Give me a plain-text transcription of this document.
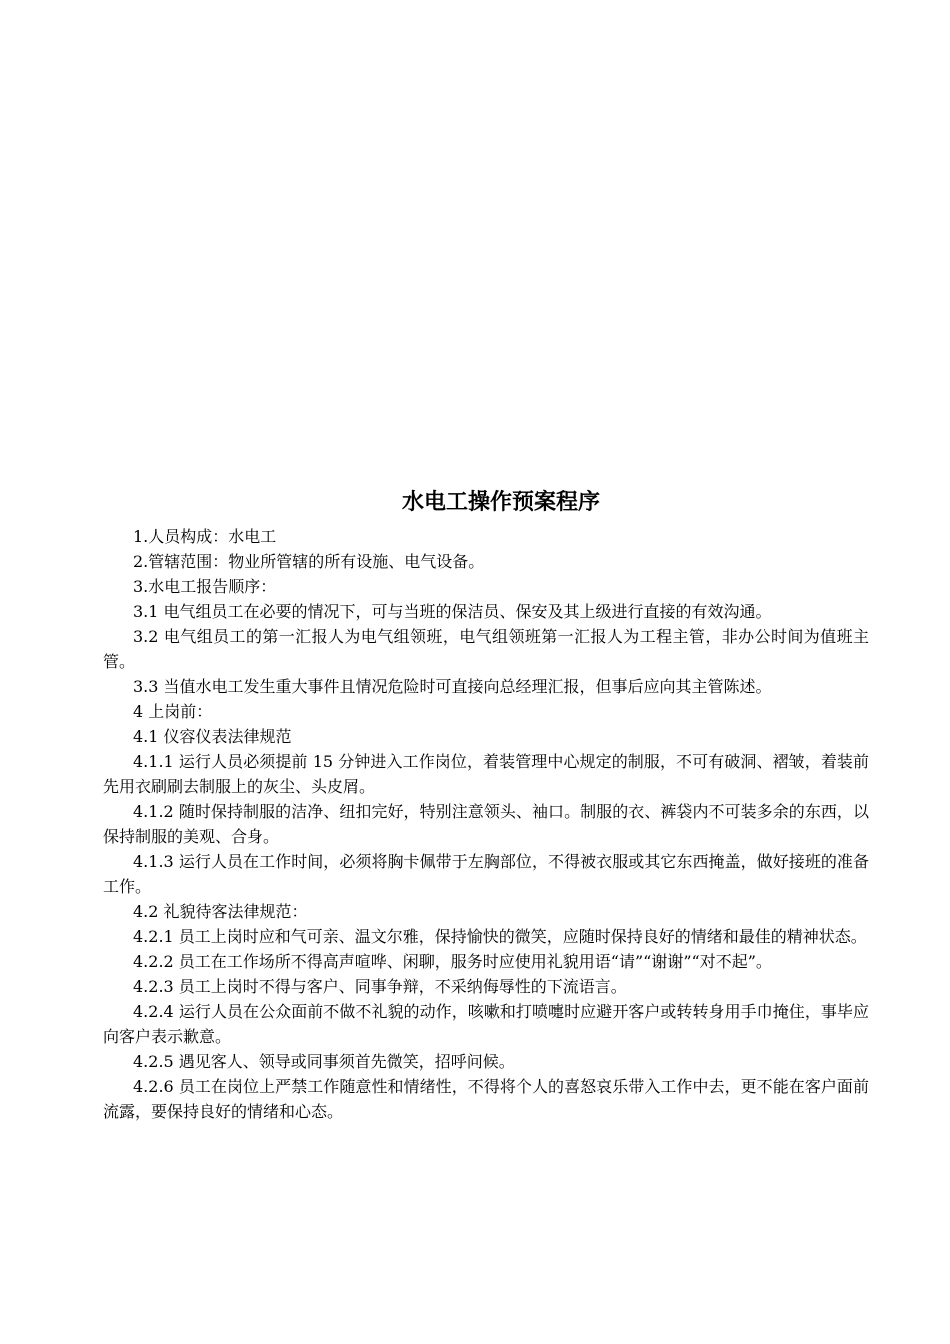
水电工操作预案程序

1.人员构成：水电工

2.管辖范围：物业所管辖的所有设施、电气设备。

3.水电工报告顺序：

3.1 电气组员工在必要的情况下，可与当班的保洁员、保安及其上级进行直接的有效沟通。

3.2 电气组员工的第一汇报人为电气组领班，电气组领班第一汇报人为工程主管，非办公时间为值班主管。

3.3 当值水电工发生重大事件且情况危险时可直接向总经理汇报，但事后应向其主管陈述。

4 上岗前：

4.1 仪容仪表法律规范

4.1.1 运行人员必须提前 15 分钟进入工作岗位，着装管理中心规定的制服，不可有破洞、褶皱，着装前先用衣刷刷去制服上的灰尘、头皮屑。

4.1.2 随时保持制服的洁净、纽扣完好，特别注意领头、袖口。制服的衣、裤袋内不可装多余的东西，以保持制服的美观、合身。

4.1.3 运行人员在工作时间，必须将胸卡佩带于左胸部位，不得被衣服或其它东西掩盖，做好接班的准备工作。

4.2 礼貌待客法律规范：

4.2.1 员工上岗时应和气可亲、温文尔雅，保持愉快的微笑，应随时保持良好的情绪和最佳的精神状态。

4.2.2 员工在工作场所不得高声喧哗、闲聊，服务时应使用礼貌用语“请”“谢谢”“对不起”。

4.2.3 员工上岗时不得与客户、同事争辩，不采纳侮辱性的下流语言。

4.2.4 运行人员在公众面前不做不礼貌的动作，咳嗽和打喷嚏时应避开客户或转转身用手巾掩住，事毕应向客户表示歉意。

4.2.5 遇见客人、领导或同事须首先微笑，招呼问候。

4.2.6 员工在岗位上严禁工作随意性和情绪性，不得将个人的喜怒哀乐带入工作中去，更不能在客户面前流露，要保持良好的情绪和心态。
